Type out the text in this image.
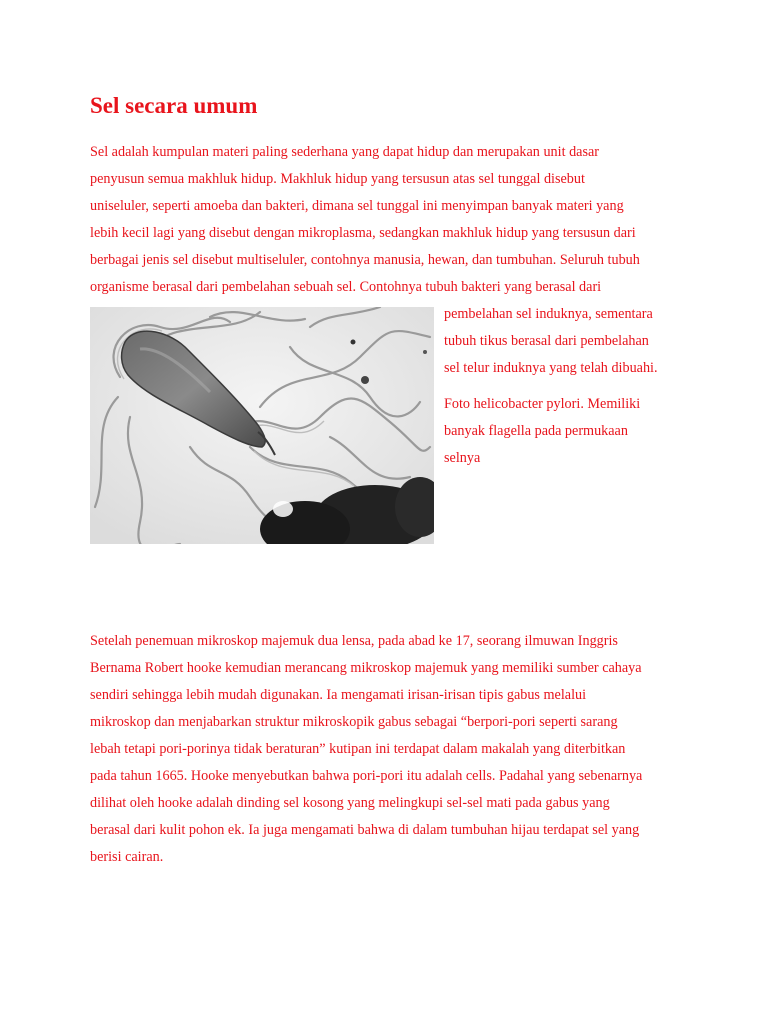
Sel secara umum
Sel adalah kumpulan materi paling sederhana yang dapat hidup dan merupakan unit dasar
penyusun semua makhluk hidup. Makhluk hidup yang tersusun atas sel tunggal disebut
uniseluler, seperti amoeba dan bakteri, dimana sel tunggal ini menyimpan banyak materi yang
lebih kecil lagi yang disebut dengan mikroplasma, sedangkan makhluk hidup yang tersusun dari
berbagai jenis sel disebut multiseluler, contohnya manusia, hewan, dan tumbuhan. Seluruh tubuh
organisme berasal dari pembelahan sebuah sel. Contohnya tubuh bakteri yang berasal dari
pembelahan sel induknya, sementara
tubuh tikus berasal dari pembelahan
sel telur induknya yang telah dibuahi.
Foto helicobacter pylori. Memiliki
banyak flagella pada permukaan
selnya
Setelah penemuan mikroskop majemuk dua lensa, pada abad ke 17, seorang ilmuwan Inggris
Bernama Robert hooke kemudian merancang mikroskop majemuk yang memiliki sumber cahaya
sendiri sehingga lebih mudah digunakan. Ia mengamati irisan-irisan tipis gabus melalui
mikroskop dan menjabarkan struktur mikroskopik gabus sebagai “berpori-pori seperti sarang
lebah tetapi pori-porinya tidak beraturan” kutipan ini terdapat dalam makalah yang diterbitkan
pada tahun 1665. Hooke menyebutkan bahwa pori-pori itu adalah cells. Padahal yang sebenarnya
dilihat oleh hooke adalah dinding sel kosong yang melingkupi sel-sel mati pada gabus yang
berasal dari kulit pohon ek. Ia juga mengamati bahwa di dalam tumbuhan hijau terdapat sel yang
berisi cairan.
